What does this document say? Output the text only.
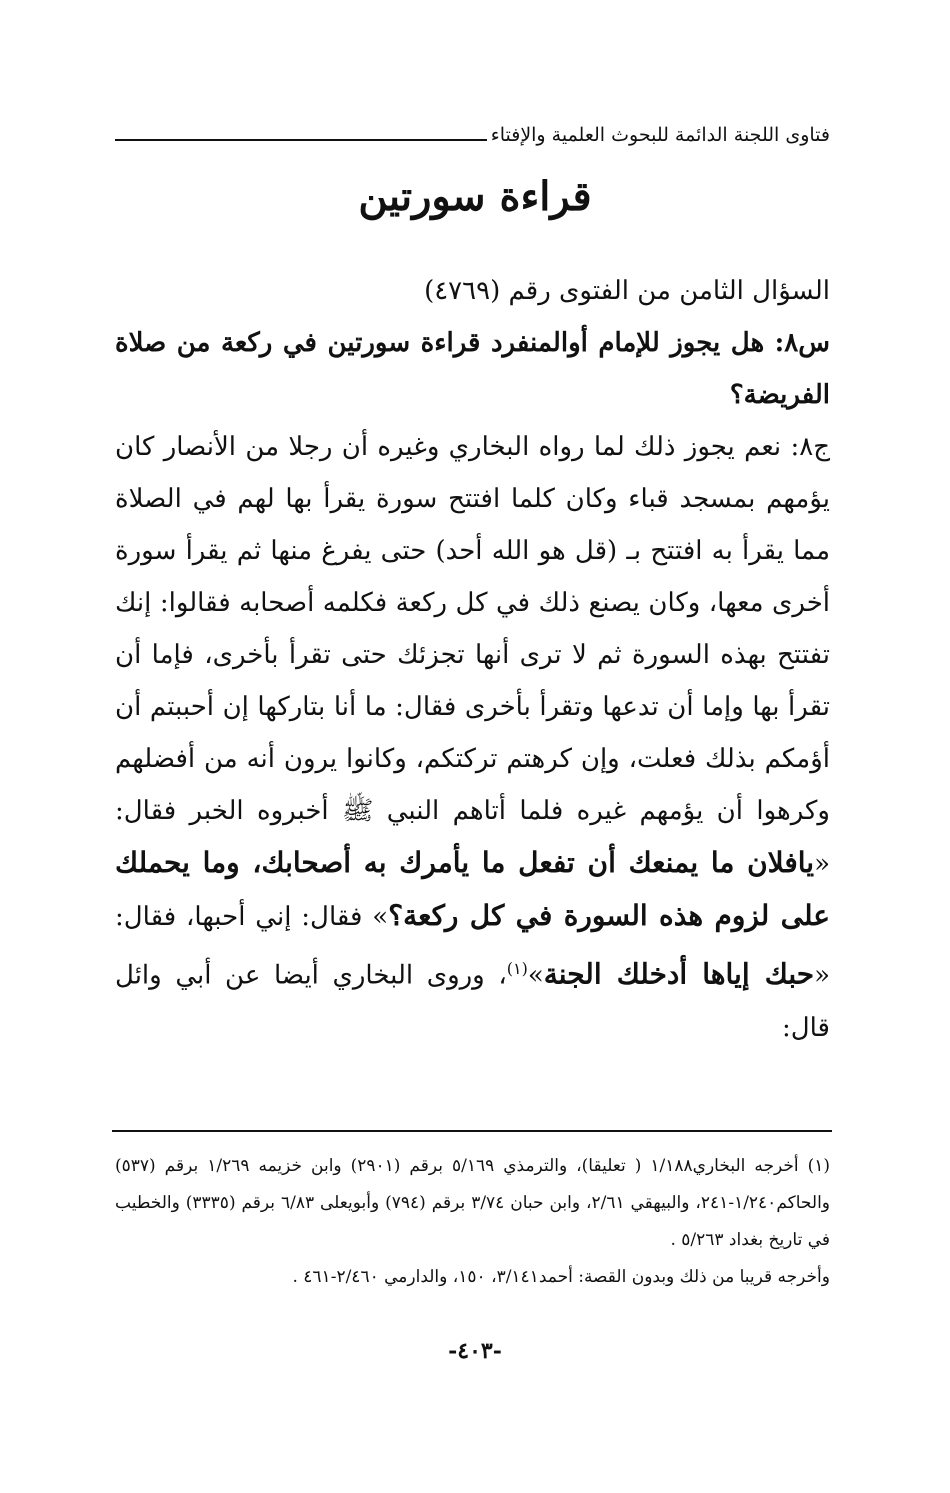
فتاوى اللجنة الدائمة للبحوث العلمية والإفتاء
قراءة سورتين

السؤال الثامن من الفتوى رقم (٤٧٦٩)

س٨: هل يجوز للإمام أوالمنفرد قراءة سورتين في ركعة من صلاة الفريضة؟

ج٨: نعم يجوز ذلك لما رواه البخاري وغيره أن رجلا من الأنصار كان يؤمهم بمسجد قباء وكان كلما افتتح سورة يقرأ بها لهم في الصلاة مما يقرأ به افتتح بـ (قل هو الله أحد) حتى يفرغ منها ثم يقرأ سورة أخرى معها، وكان يصنع ذلك في كل ركعة فكلمه أصحابه فقالوا: إنك تفتتح بهذه السورة ثم لا ترى أنها تجزئك حتى تقرأ بأخرى، فإما أن تقرأ بها وإما أن تدعها وتقرأ بأخرى فقال: ما أنا بتاركها إن أحببتم أن أؤمكم بذلك فعلت، وإن كرهتم تركتكم، وكانوا يرون أنه من أفضلهم وكرهوا أن يؤمهم غيره فلما أتاهم النبي ﷺ أخبروه الخبر فقال: «يافلان ما يمنعك أن تفعل ما يأمرك به أصحابك، وما يحملك على لزوم هذه السورة في كل ركعة؟» فقال: إني أحبها، فقال: «حبك إياها أدخلك الجنة»$^{(١)}$، وروى البخاري أيضا عن أبي وائل قال:

(١) أخرجه البخاري١/١٨٨ ( تعليقا)، والترمذي ٥/١٦٩ برقم (٢٩٠١) وابن خزيمه ١/٢٦٩ برقم (٥٣٧) والحاكم١/٢٤٠-٢٤١، والبيهقي ٢/٦١، وابن حبان ٣/٧٤ برقم (٧٩٤) وأبويعلى ٦/٨٣ برقم (٣٣٣٥) والخطيب في تاريخ بغداد ٥/٢٦٣ .

وأخرجه قريبا من ذلك وبدون القصة: أحمد٣/١٤١، ١٥٠، والدارمي ٢/٤٦٠-٤٦١ .

-٤٠٣-
